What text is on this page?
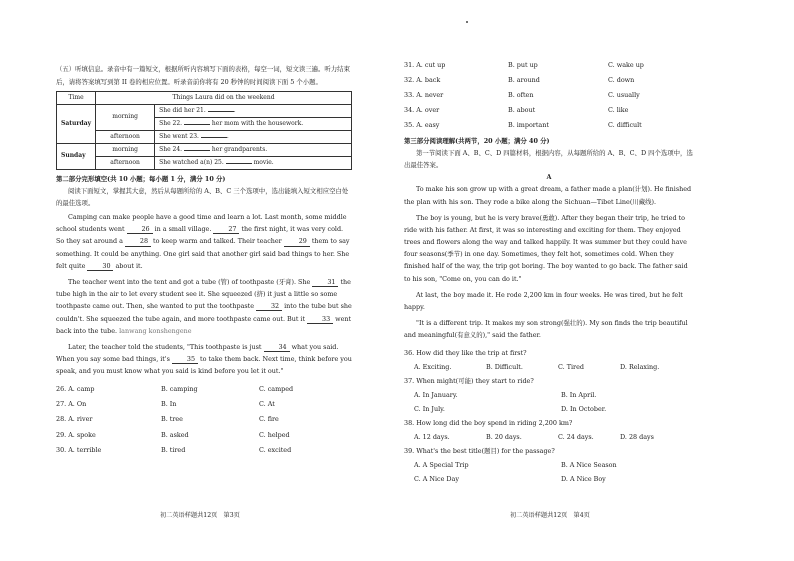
（五）听填信息。录音中有一篇短文，根据所听内容填写下面的表格，每空一词，短文读三遍。听力结束后，请将答案填写到第 II 卷的相应位置。听录音前你将有 20 秒钟的时间阅读下面 5 个小题。

Time	Things Laura did on the weekend	
Saturday	morning	She did her 21. .
		She 22. her mom with the housework.
	afternoon	She went 23. .
Sunday	morning	She 24. her grandparents.
	afternoon	She watched a(n) 25. movie.

第二部分完形填空(共 10 小题；每小题 1 分，满分 10 分)

阅读下面短文，掌握其大意，然后从每题所给的 A、B、C 三个选项中，选出能填入短文相应空白处的最佳选项。

Camping can make people have a good time and learn a lot. Last month, some middle school students went	26 in a small village.	27 the first night, it was very cold. So they sat around a	28 to keep warm and talked. Their teacher	29 them to say something. It could be anything. One girl said that another girl said bad things to her. She felt quite	30 about it.

The teacher went into the tent and got a tube (管) of toothpaste (牙膏). She	31 the tube high in the air to let every student see it. She squeezed (挤) it just a little so some toothpaste came out. Then, she wanted to put the toothpaste	32 into the tube but she couldn't. She squeezed the tube again, and more toothpaste came out. But it	33 went back into the tube. lanwang konshengene

Later, the teacher told the students, "This toothpaste is just	34 what you said. When you say some bad things, it's	35 to take them back. Next time, think before you speak, and you must know what you said is kind before you let it out."

26. A. camp	B. camping	C. camped
27. A. On	B. In	C. At
28. A. river	B. tree	C. fire
29. A. spoke	B. asked	C. helped
30. A. terrible	B. tired	C. excited
初二英语样题共12页　第3页
31. A. cut up	B. put up	C. wake up
32. A. back	B. around	C. down
33. A. never	B. often	C. usually
34. A. over	B. about	C. like
35. A. easy	B. important	C. difficult

第三部分阅读理解(共两节，20 小题；满分 40 分)

第一节阅读下面 A、B、C、D 四篇材料，根据内容，从每题所给的 A、B、C、D 四个选项中，选出最佳答案。

A

To make his son grow up with a great dream, a father made a plan(计划). He finished the plan with his son. They rode a bike along the Sichuan—Tibet Line(川藏线).

The boy is young, but he is very brave(勇敢). After they began their trip, he tried to ride with his father. At first, it was so interesting and exciting for them. They enjoyed trees and flowers along the way and talked happily. It was summer but they could have four seasons(季节) in one day. Sometimes, they felt hot, sometimes cold. When they finished half of the way, the trip got boring. The boy wanted to go back. The father said to his son, "Come on, you can do it."

At last, the boy made it. He rode 2,200 km in four weeks. He was tired, but he felt happy.

"It is a different trip. It makes my son strong(强壮的). My son finds the trip beautiful and meaningful(有意义的)," said the father.

36. How did they like the trip at first?
A. Exciting.	B. Difficult.	C. Tired	D. Relaxing.
37. When might(可能) they start to ride?
A. In January.	B. In April.
C. In July.	D. In October.
38. How long did the boy spend in riding 2,200 km?
A. 12 days.	B. 20 days.	C. 24 days.	D. 28 days
39. What's the best title(题目) for the passage?
A. A Special Trip	B. A Nice Season
C. A Nice Day	D. A Nice Boy
初二英语样题共12页　第4页
